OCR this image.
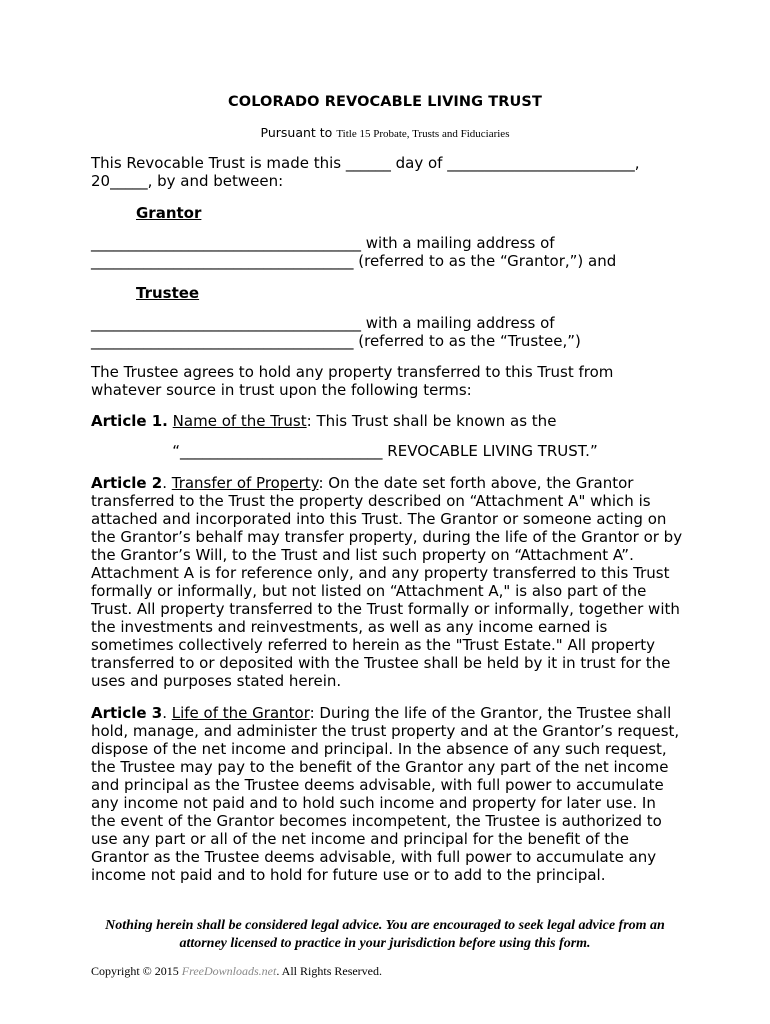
COLORADO REVOCABLE LIVING TRUST
Pursuant to Title 15 Probate, Trusts and Fiduciaries
This Revocable Trust is made this ______ day of _________________________,
20_____, by and between:
Grantor
____________________________________ with a mailing address of
___________________________________ (referred to as the “Grantor,”) and
Trustee
____________________________________ with a mailing address of
___________________________________ (referred to as the “Trustee,”)
The Trustee agrees to hold any property transferred to this Trust from whatever source in trust upon the following terms:
Article 1. Name of the Trust: This Trust shall be known as the
“___________________________ REVOCABLE LIVING TRUST.”
Article 2. Transfer of Property: On the date set forth above, the Grantor transferred to the Trust the property described on “Attachment A" which is attached and incorporated into this Trust. The Grantor or someone acting on the Grantor’s behalf may transfer property, during the life of the Grantor or by the Grantor’s Will, to the Trust and list such property on “Attachment A”. Attachment A is for reference only, and any property transferred to this Trust formally or informally, but not listed on “Attachment A," is also part of the Trust. All property transferred to the Trust formally or informally, together with the investments and reinvestments, as well as any income earned is sometimes collectively referred to herein as the "Trust Estate." All property transferred to or deposited with the Trustee shall be held by it in trust for the uses and purposes stated herein.
Article 3. Life of the Grantor: During the life of the Grantor, the Trustee shall hold, manage, and administer the trust property and at the Grantor’s request, dispose of the net income and principal. In the absence of any such request, the Trustee may pay to the benefit of the Grantor any part of the net income and principal as the Trustee deems advisable, with full power to accumulate any income not paid and to hold such income and property for later use. In the event of the Grantor becomes incompetent, the Trustee is authorized to use any part or all of the net income and principal for the benefit of the Grantor as the Trustee deems advisable, with full power to accumulate any income not paid and to hold for future use or to add to the principal.
Nothing herein shall be considered legal advice. You are encouraged to seek legal advice from an attorney licensed to practice in your jurisdiction before using this form.
Copyright © 2015 FreeDownloads.net. All Rights Reserved.
